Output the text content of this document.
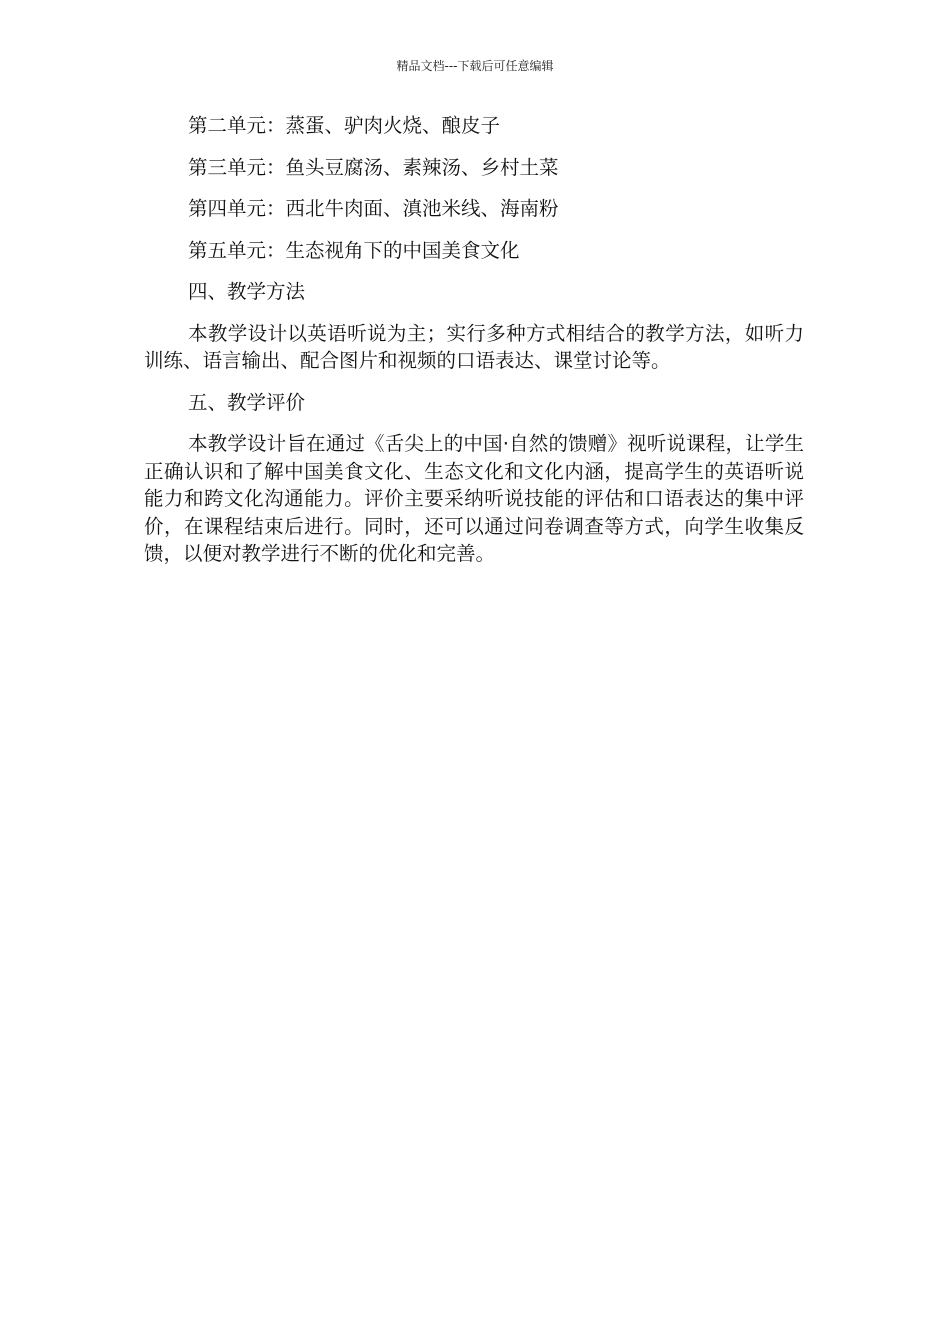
精品文档---下载后可任意编辑

第二单元：蒸蛋、驴肉火烧、酿皮子

第三单元：鱼头豆腐汤、素辣汤、乡村土菜

第四单元：西北牛肉面、滇池米线、海南粉

第五单元：生态视角下的中国美食文化

四、教学方法

本教学设计以英语听说为主；实行多种方式相结合的教学方法，如听力训练、语言输出、配合图片和视频的口语表达、课堂讨论等。

五、教学评价

本教学设计旨在通过《舌尖上的中国·自然的馈赠》视听说课程，让学生正确认识和了解中国美食文化、生态文化和文化内涵，提高学生的英语听说能力和跨文化沟通能力。评价主要采纳听说技能的评估和口语表达的集中评价，在课程结束后进行。同时，还可以通过问卷调查等方式，向学生收集反馈，以便对教学进行不断的优化和完善。
